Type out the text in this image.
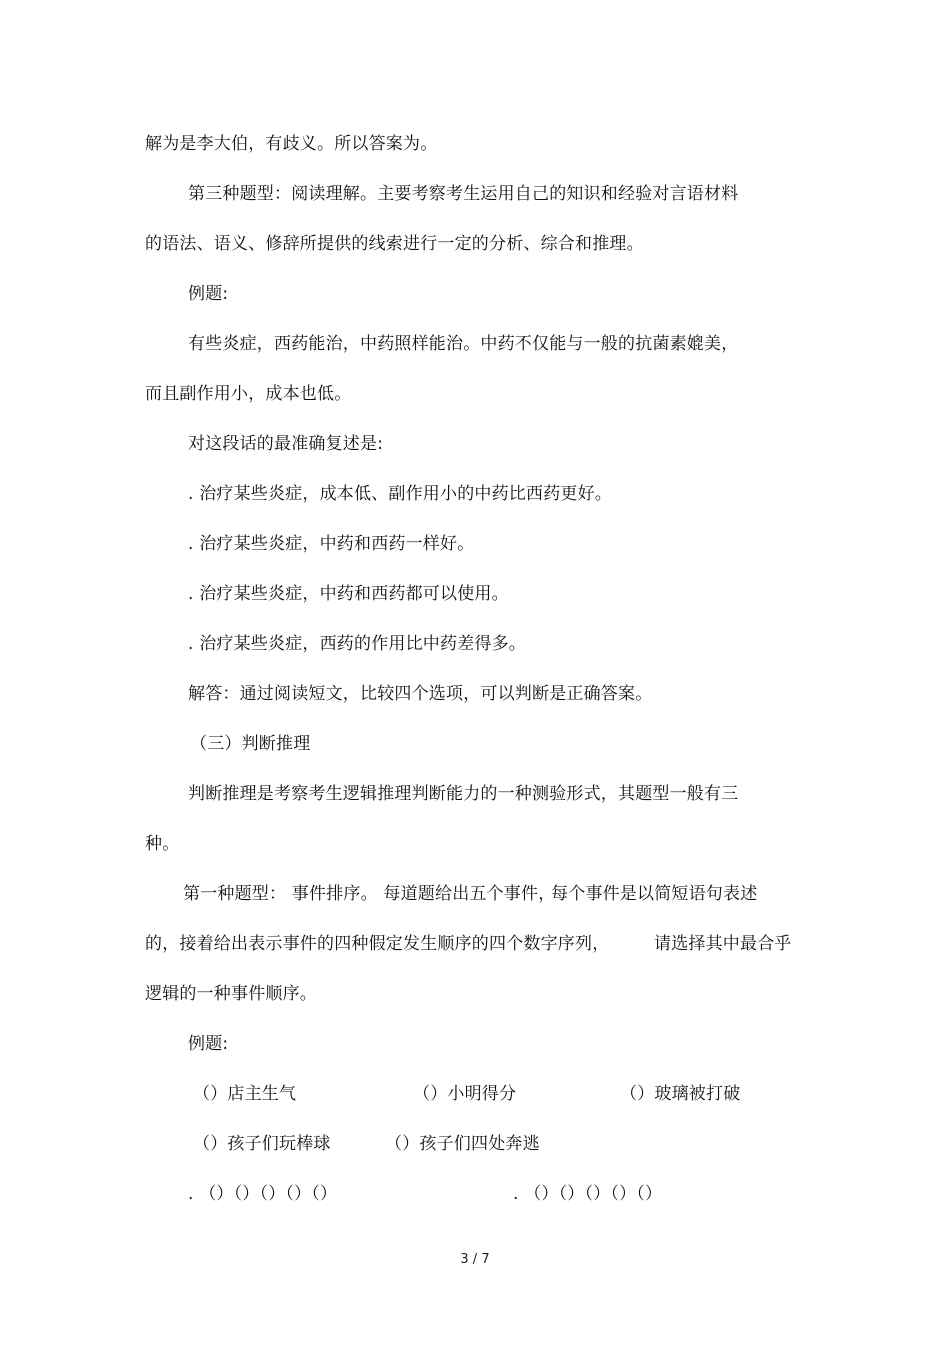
解为是李大伯，有歧义。所以答案为。
第三种题型：阅读理解。主要考察考生运用自己的知识和经验对言语材料
的语法、语义、修辞所提供的线索进行一定的分析、综合和推理。
例题:
有些炎症，西药能治，中药照样能治。中药不仅能与一般的抗菌素媲美，
而且副作用小，成本也低。
对这段话的最准确复述是:
. 治疗某些炎症，成本低、副作用小的中药比西药更好。
. 治疗某些炎症，中药和西药一样好。
. 治疗某些炎症，中药和西药都可以使用。
. 治疗某些炎症，西药的作用比中药差得多。
解答：通过阅读短文，比较四个选项，可以判断是正确答案。
（三）判断推理
判断推理是考察考生逻辑推理判断能力的一种测验形式，其题型一般有三
种。
第一种题型： 事件排序。 每道题给出五个事件，
每个事件是以简短语句表述
的，接着给出表示事件的四种假定发生顺序的四个数字序列，	请选择其中最合乎
逻辑的一种事件顺序。
例题:
（）店主生气	（）小明得分	（）玻璃被打破
（）孩子们玩棒球	（）孩子们四处奔逃
. （）（）（）（）（）	. （）（）（）（）（）
3 / 7
